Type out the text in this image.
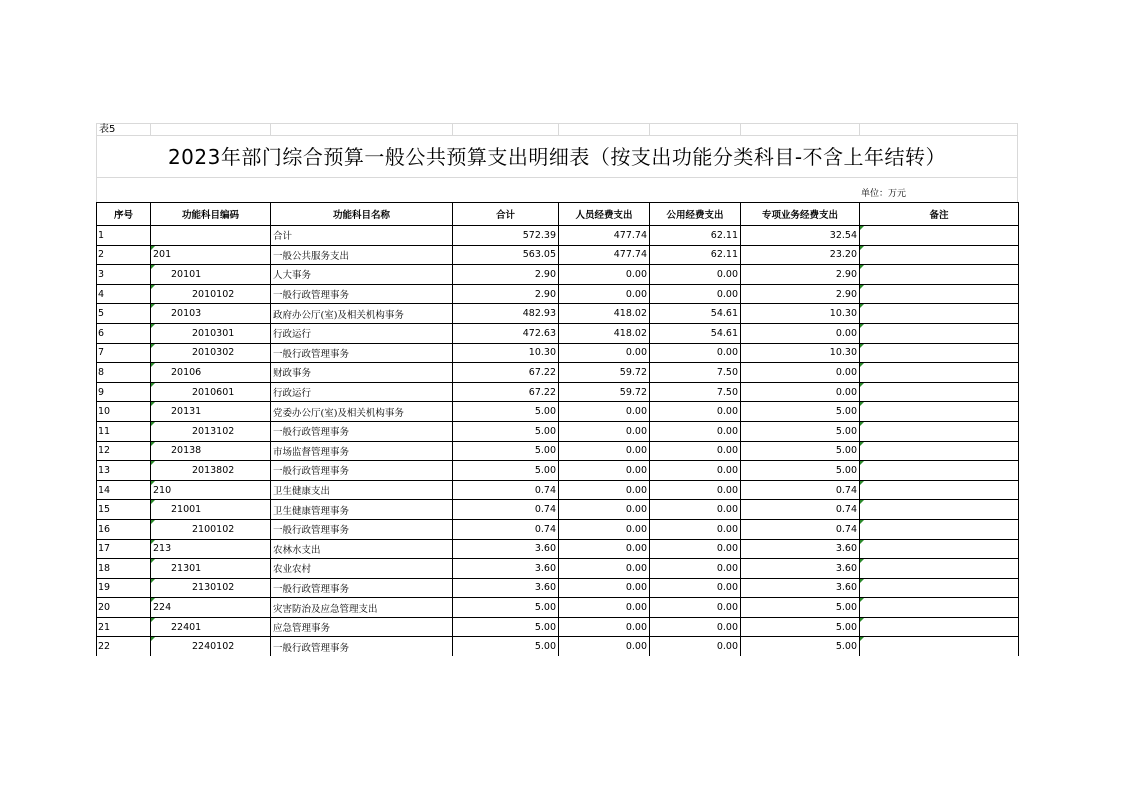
表5
2023年部门综合预算一般公共预算支出明细表（按支出功能分类科目-不含上年结转）
单位：万元
序号	功能科目编码	功能科目名称	合计	人员经费支出	公用经费支出	专项业务经费支出	备注
1		合计	572.39	477.74	62.11	32.54	

2	201	一般公共服务支出	563.05	477.74	62.11	23.20	

3	20101	人大事务	2.90	0.00	0.00	2.90	

4	2010102	一般行政管理事务	2.90	0.00	0.00	2.90	

5	20103	政府办公厅(室)及相关机构事务	482.93	418.02	54.61	10.30	

6	2010301	行政运行	472.63	418.02	54.61	0.00	

7	2010302	一般行政管理事务	10.30	0.00	0.00	10.30	

8	20106	财政事务	67.22	59.72	7.50	0.00	

9	2010601	行政运行	67.22	59.72	7.50	0.00	

10	20131	党委办公厅(室)及相关机构事务	5.00	0.00	0.00	5.00	

11	2013102	一般行政管理事务	5.00	0.00	0.00	5.00	

12	20138	市场监督管理事务	5.00	0.00	0.00	5.00	

13	2013802	一般行政管理事务	5.00	0.00	0.00	5.00	

14	210	卫生健康支出	0.74	0.00	0.00	0.74	

15	21001	卫生健康管理事务	0.74	0.00	0.00	0.74	

16	2100102	一般行政管理事务	0.74	0.00	0.00	0.74	

17	213	农林水支出	3.60	0.00	0.00	3.60	

18	21301	农业农村	3.60	0.00	0.00	3.60	

19	2130102	一般行政管理事务	3.60	0.00	0.00	3.60	

20	224	灾害防治及应急管理支出	5.00	0.00	0.00	5.00	

21	22401	应急管理事务	5.00	0.00	0.00	5.00	

22	2240102	一般行政管理事务	5.00	0.00	0.00	5.00	
